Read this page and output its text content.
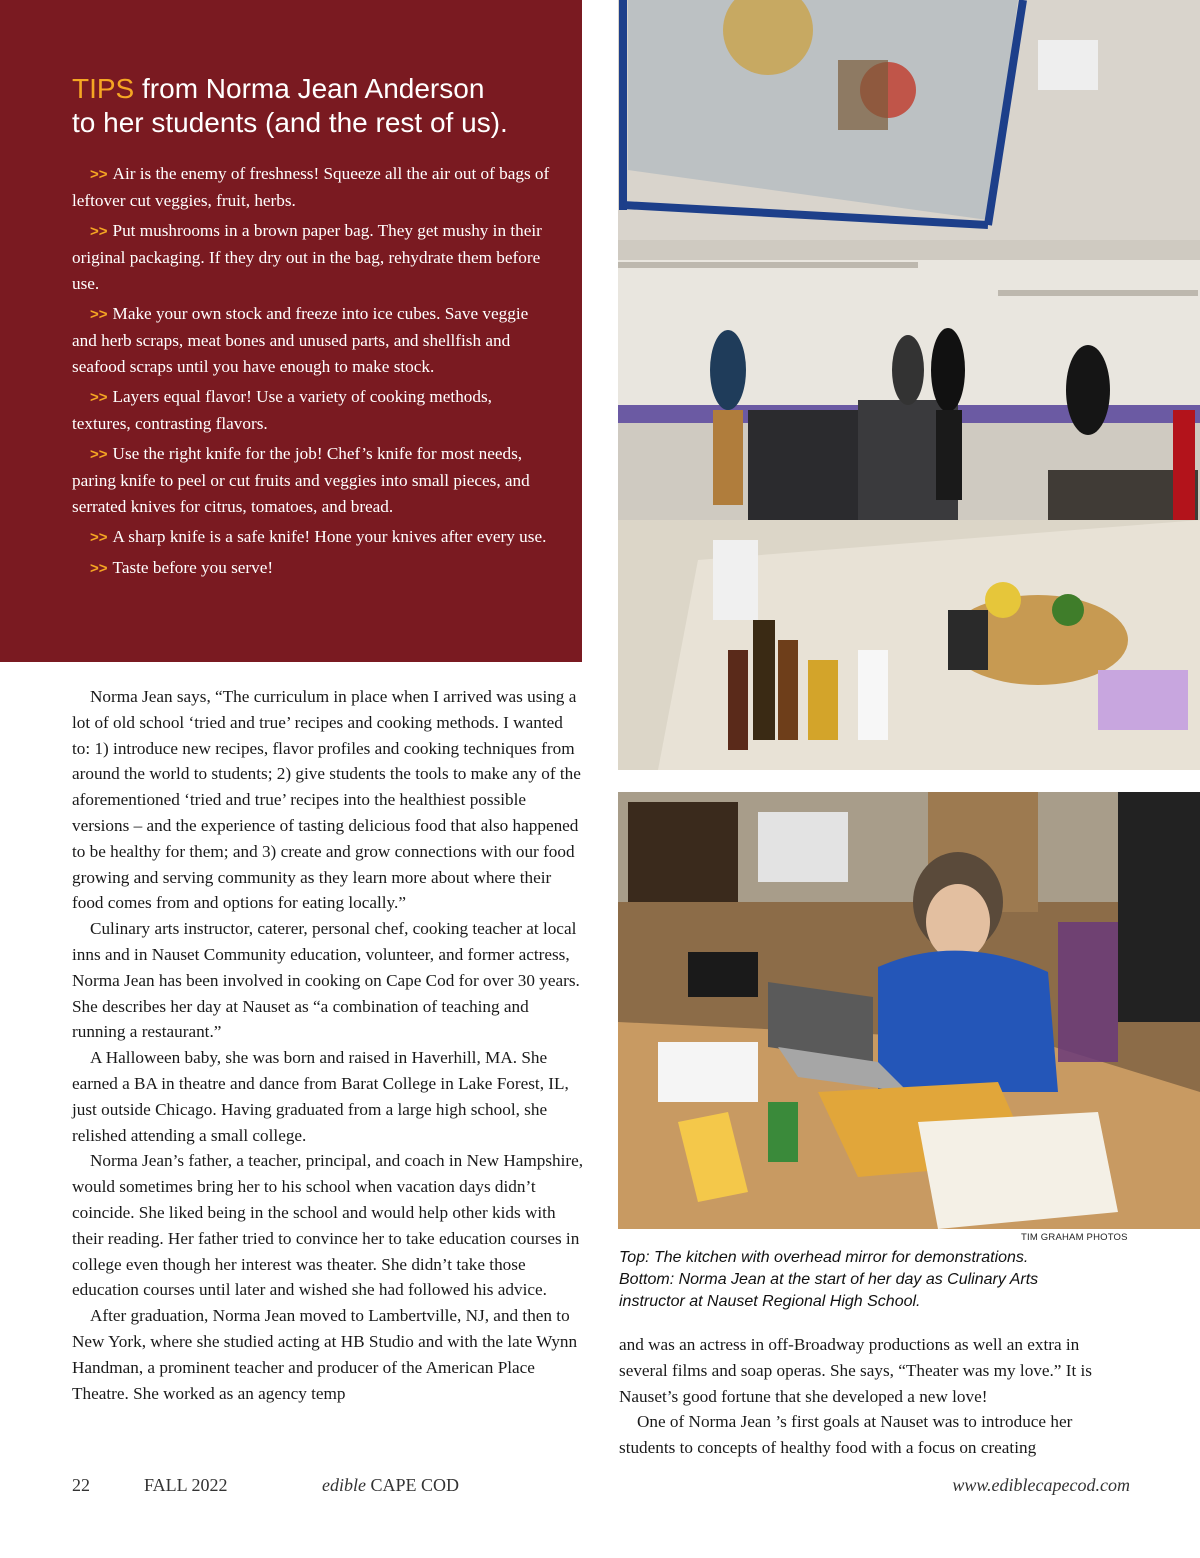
TIPS from Norma Jean Anderson
to her students (and the rest of us).
>> Air is the enemy of freshness! Squeeze all the air out of bags of leftover cut veggies, fruit, herbs.
>> Put mushrooms in a brown paper bag. They get mushy in their original packaging. If they dry out in the bag, rehydrate them before use.
>> Make your own stock and freeze into ice cubes. Save veggie and herb scraps, meat bones and unused parts, and shellfish and seafood scraps until you have enough to make stock.
>> Layers equal flavor! Use a variety of cooking methods, textures, contrasting flavors.
>> Use the right knife for the job! Chef’s knife for most needs, paring knife to peel or cut fruits and veggies into small pieces, and serrated knives for citrus, tomatoes, and bread.
>> A sharp knife is a safe knife! Hone your knives after every use.
>> Taste before you serve!
TIM GRAHAM PHOTOS
Top: The kitchen with overhead mirror for demonstrations.
Bottom: Norma Jean at the start of her day as Culinary Arts
instructor at Nauset Regional High School.

Norma Jean says, “The curriculum in place when I arrived was using a lot of old school ‘tried and true’ recipes and cooking methods. I wanted to: 1) introduce new recipes, flavor profiles and cooking techniques from around the world to students; 2) give students the tools to make any of the aforementioned ‘tried and true’ recipes into the healthiest possible versions – and the experience of tasting delicious food that also happened to be healthy for them; and 3) create and grow connections with our food growing and serving community as they learn more about where their food comes from and options for eating locally.”

Culinary arts instructor, caterer, personal chef, cooking teacher at local inns and in Nauset Community education, volunteer, and former actress, Norma Jean has been involved in cooking on Cape Cod for over 30 years. She describes her day at Nauset as “a combination of teaching and running a restaurant.”

A Halloween baby, she was born and raised in Haverhill, MA. She earned a BA in theatre and dance from Barat College in Lake Forest, IL, just outside Chicago. Having graduated from a large high school, she relished attending a small college.

Norma Jean’s father, a teacher, principal, and coach in New Hampshire, would sometimes bring her to his school when vacation days didn’t coincide. She liked being in the school and would help other kids with their reading. Her father tried to convince her to take education courses in college even though her interest was theater. She didn’t take those education courses until later and wished she had followed his advice.

After graduation, Norma Jean moved to Lambertville, NJ, and then to New York, where she studied acting at HB Studio and with the late Wynn Handman, a prominent teacher and producer of the American Place Theatre. She worked as an agency temp

and was an actress in off-Broadway productions as well an extra in several films and soap operas. She says, “Theater was my love.” It is Nauset’s good fortune that she developed a new love!

One of Norma Jean ’s first goals at Nauset was to introduce her students to concepts of healthy food with a focus on creating

22	FALL 2022	edible CAPE COD	www.ediblecapecod.com
